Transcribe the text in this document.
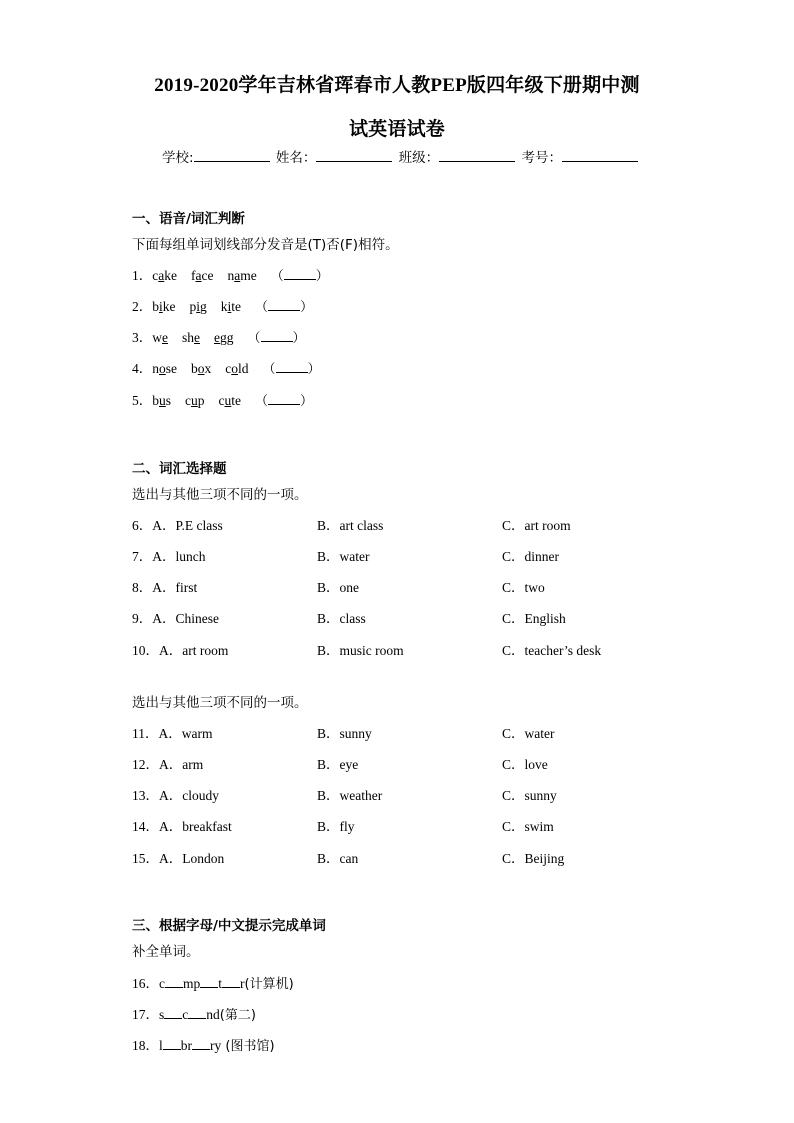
2019-2020学年吉林省珲春市人教PEP版四年级下册期中测
试英语试卷
学校:	姓名：	班级：	考号：
一、语音/词汇判断
下面每组单词划线部分发音是(T)否(F)相符。
1．cake face name （ ）
2．bike pig kite （ ）
3．we she egg （ ）
4．nose box cold （ ）
5．bus cup cute （ ）
二、词汇选择题
选出与其他三项不同的一项。
选出与其他三项不同的一项。
6．A．P.E class	B．art class	C．art room
7．A．lunch	B．water	C．dinner
8．A．first	B．one	C．two
9．A．Chinese	B．class	C．English
10．A．art room	B．music room	C．teacher’s desk
11．A．warm	B．sunny	C．water
12．A．arm	B．eye	C．love
13．A．cloudy	B．weather	C．sunny
14．A．breakfast	B．fly	C．swim
15．A．London	B．can	C．Beijing
三、根据字母/中文提示完成单词
补全单词。
16．c mp t r(计算机)
17．s c nd(第二)
18．l br ry (图书馆)
